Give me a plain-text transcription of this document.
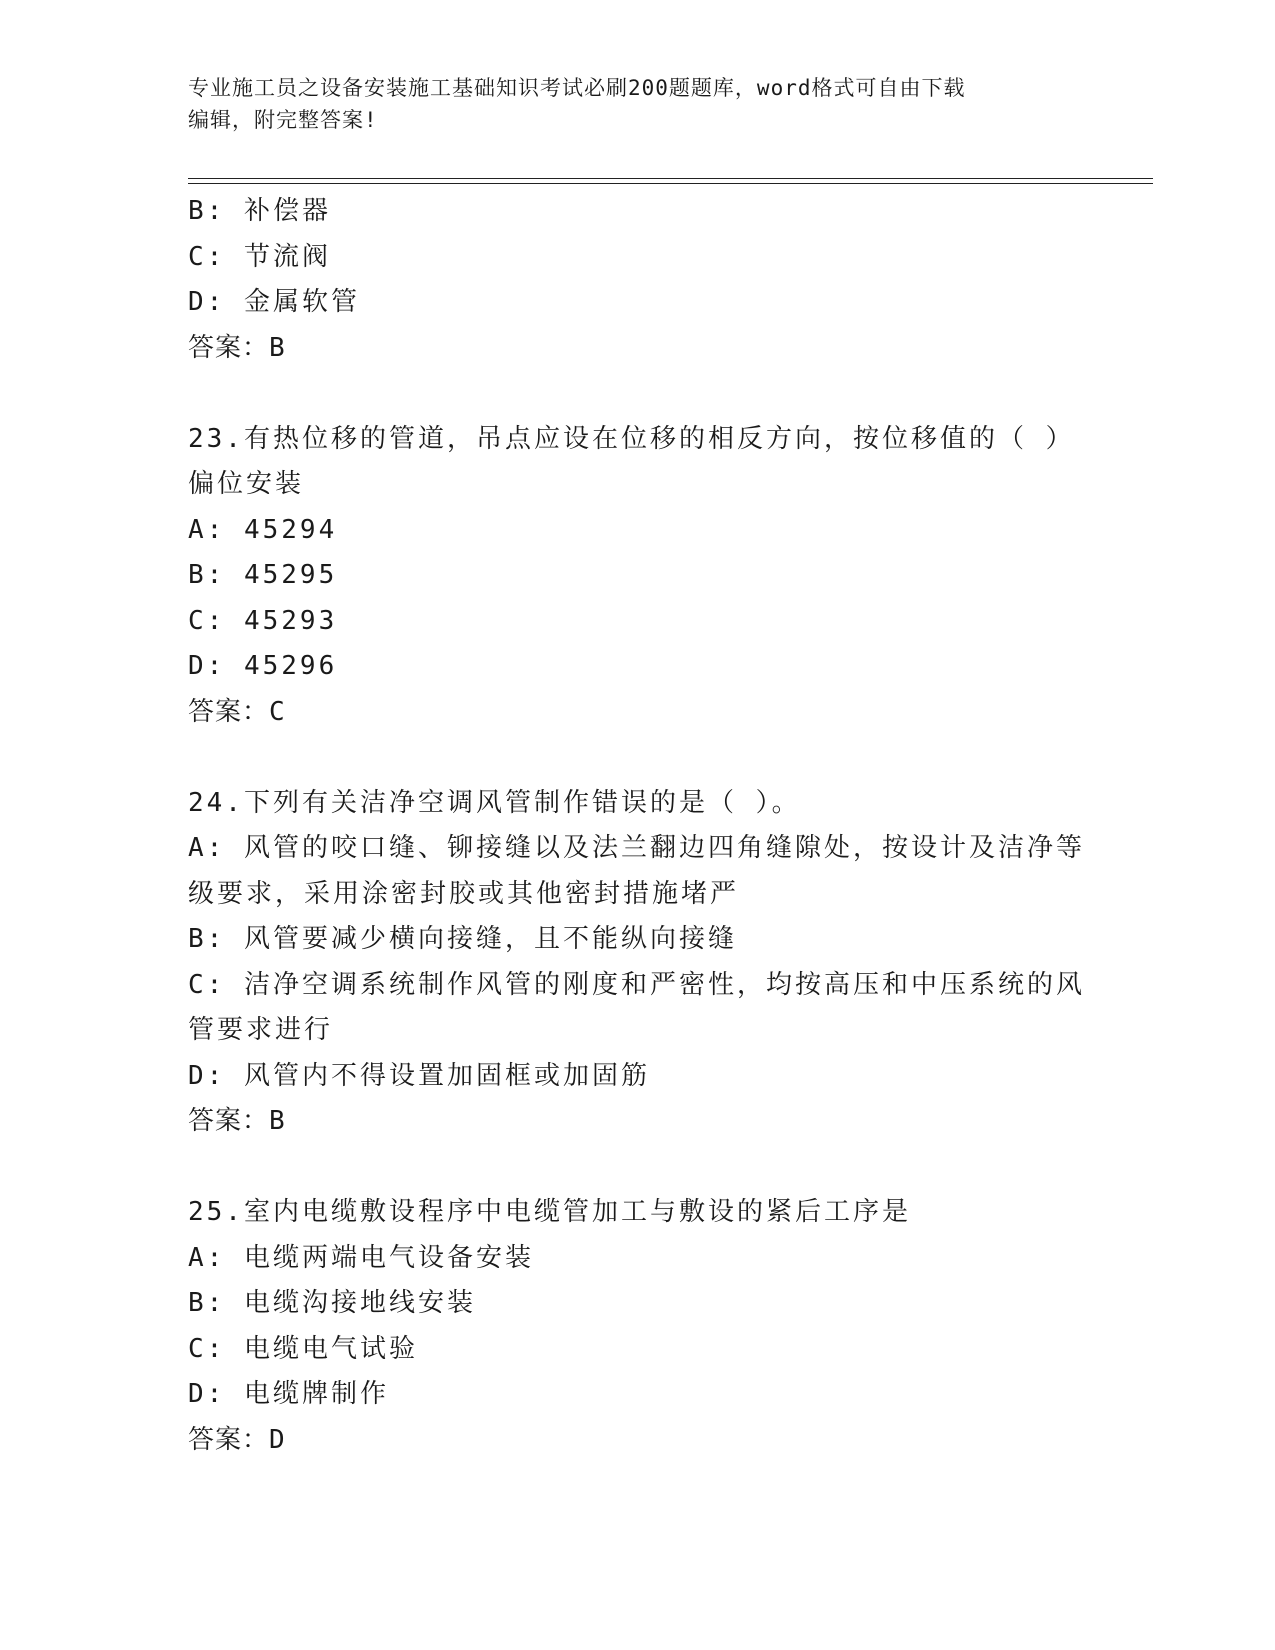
专业施工员之设备安装施工基础知识考试必刷200题题库，word格式可自由下载
编辑，附完整答案!
B: 补偿器
C: 节流阀
D: 金属软管
答案：B
23.有热位移的管道，吊点应设在位移的相反方向，按位移值的（ ）
偏位安装
A: 45294
B: 45295
C: 45293
D: 45296
答案：C
24.下列有关洁净空调风管制作错误的是（ ）。
A: 风管的咬口缝、铆接缝以及法兰翻边四角缝隙处，按设计及洁净等
级要求，采用涂密封胶或其他密封措施堵严
B: 风管要减少横向接缝，且不能纵向接缝
C: 洁净空调系统制作风管的刚度和严密性，均按高压和中压系统的风
管要求进行
D: 风管内不得设置加固框或加固筋
答案：B
25.室内电缆敷设程序中电缆管加工与敷设的紧后工序是
A: 电缆两端电气设备安装
B: 电缆沟接地线安装
C: 电缆电气试验
D: 电缆牌制作
答案：D
